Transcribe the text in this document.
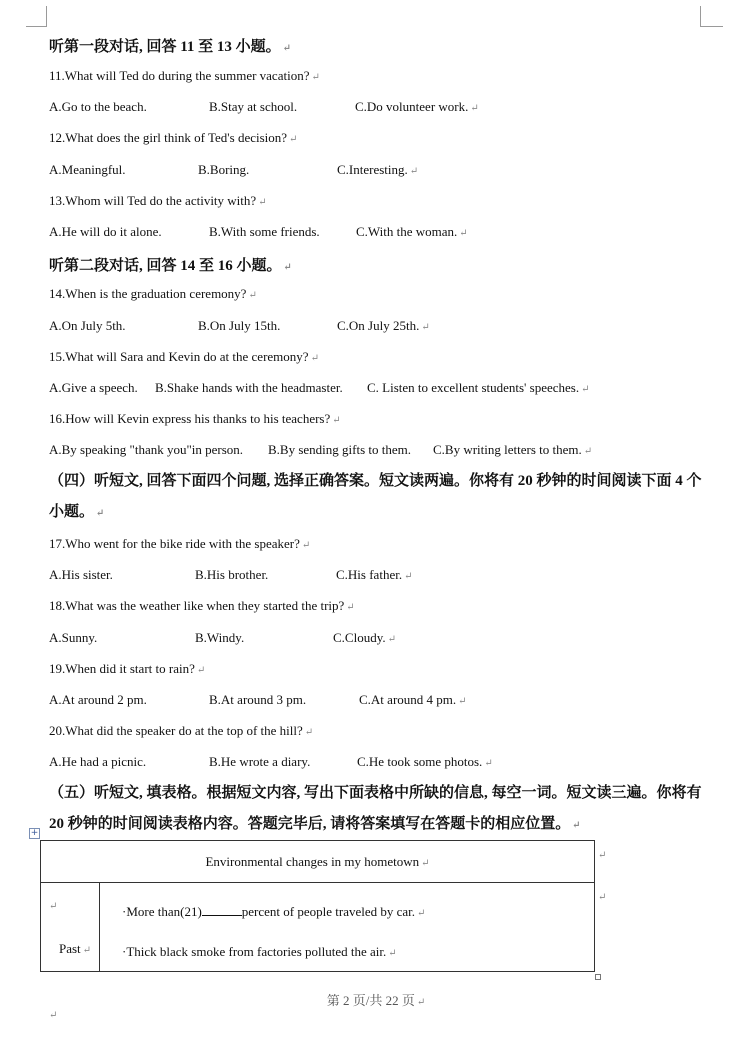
听第一段对话, 回答 11 至 13 小题。 ↵
11.What will Ted do during the summer vacation? ↵
A.Go to the beach.	B.Stay at school.	C.Do volunteer work. ↵
12.What does the girl think of Ted's decision? ↵
A.Meaningful.	B.Boring.	C.Interesting. ↵
13.Whom will Ted do the activity with? ↵
A.He will do it alone.	B.With some friends.	C.With the woman. ↵
听第二段对话, 回答 14 至 16 小题。 ↵
14.When is the graduation ceremony? ↵
A.On July 5th.	B.On July 15th.	C.On July 25th. ↵
15.What will Sara and Kevin do at the ceremony? ↵
A.Give a speech. B.Shake hands with the headmaster. C. Listen to excellent students' speeches. ↵
16.How will Kevin express his thanks to his teachers? ↵
A.By speaking "thank you"in person. B.By sending gifts to them. C.By writing letters to them. ↵
（四）听短文, 回答下面四个问题, 选择正确答案。短文读两遍。你将有 20 秒钟的时间阅读下面 4 个小题。 ↵
17.Who went for the bike ride with the speaker? ↵
A.His sister.	B.His brother.	C.His father. ↵
18.What was the weather like when they started the trip? ↵
A.Sunny.	B.Windy.	C.Cloudy. ↵
19.When did it start to rain? ↵
A.At around 2 pm.	B.At around 3 pm.	C.At around 4 pm. ↵
20.What did the speaker do at the top of the hill? ↵
A.He had a picnic.	B.He wrote a diary.	C.He took some photos. ↵
（五）听短文, 填表格。根据短文内容, 写出下面表格中所缺的信息, 每空一词。短文读三遍。你将有 20 秒钟的时间阅读表格内容。答题完毕后, 请将答案填写在答题卡的相应位置。 ↵
+
Environmental changes in my hometown ↵
↵
Past ↵
·More than(21)	percent of people traveled by car. ↵
·Thick black smoke from factories polluted the air. ↵
↵
↵
第 2 页/共 22 页 ↵
↵
